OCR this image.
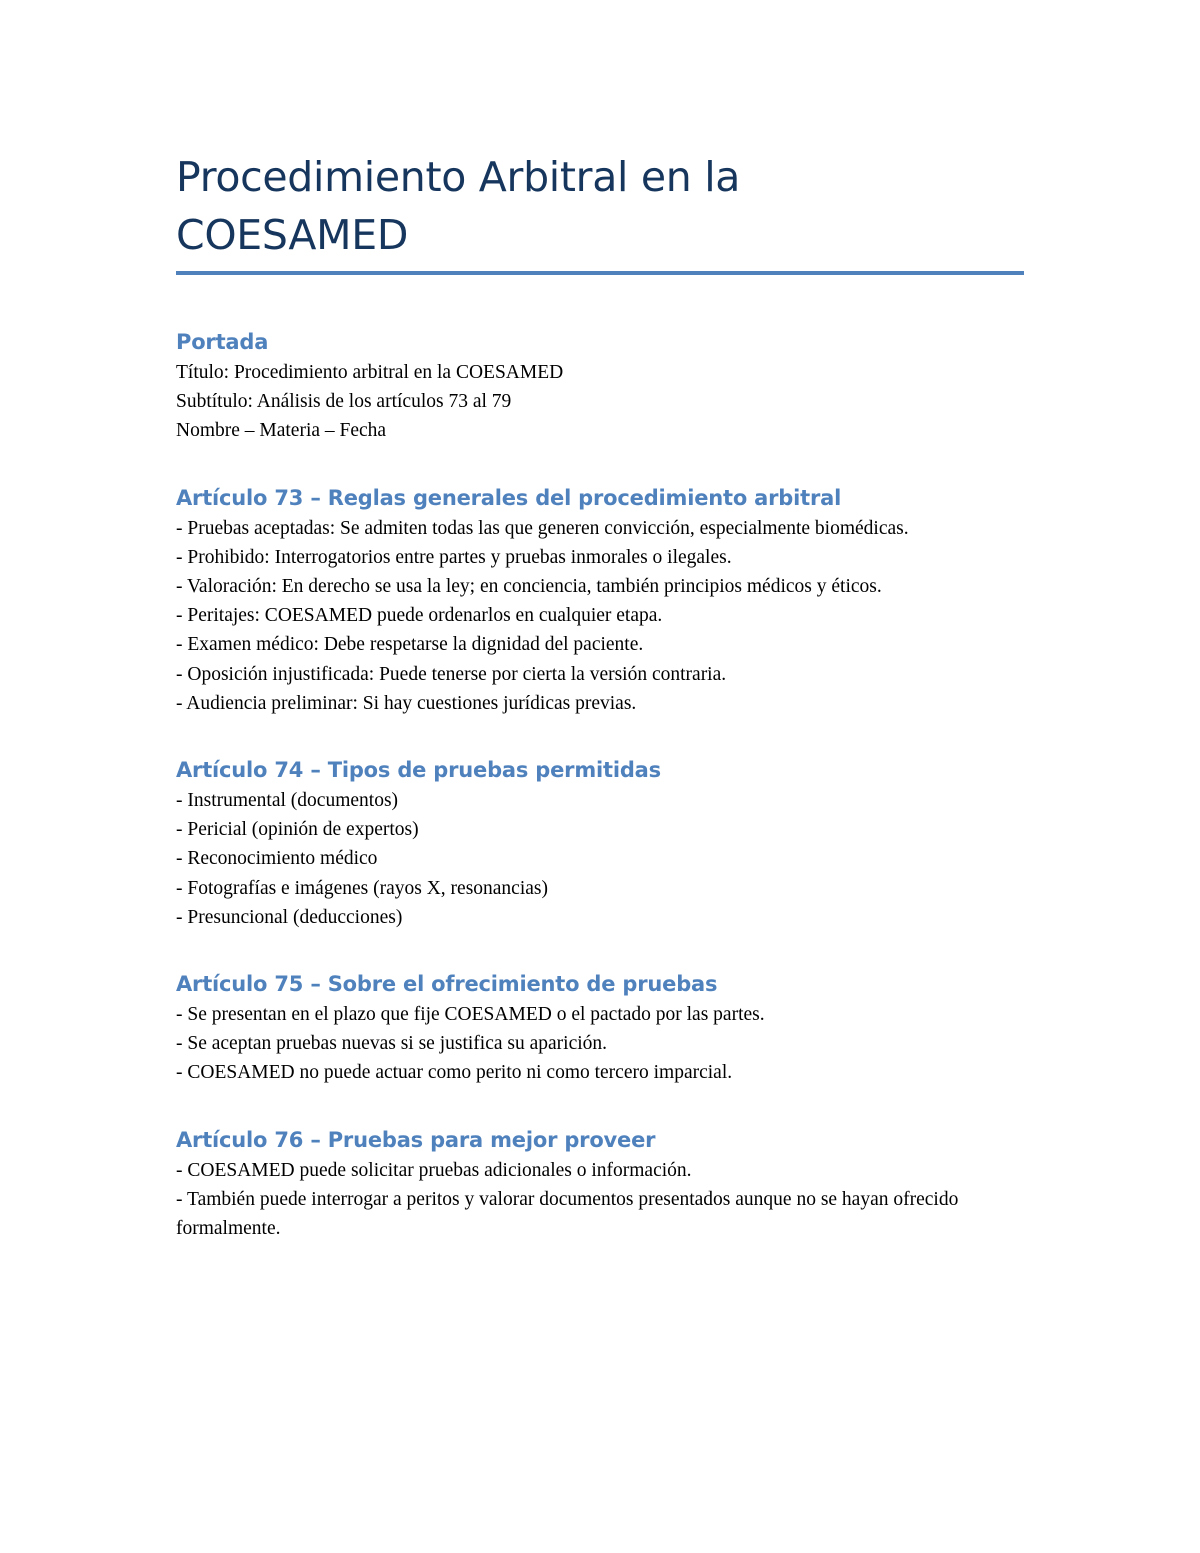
Procedimiento Arbitral en la
COESAMED
Portada

Título: Procedimiento arbitral en la COESAMED

Subtítulo: Análisis de los artículos 73 al 79

Nombre – Materia – Fecha

Artículo 73 – Reglas generales del procedimiento arbitral

- Pruebas aceptadas: Se admiten todas las que generen convicción, especialmente biomédicas.

- Prohibido: Interrogatorios entre partes y pruebas inmorales o ilegales.

- Valoración: En derecho se usa la ley; en conciencia, también principios médicos y éticos.

- Peritajes: COESAMED puede ordenarlos en cualquier etapa.

- Examen médico: Debe respetarse la dignidad del paciente.

- Oposición injustificada: Puede tenerse por cierta la versión contraria.

- Audiencia preliminar: Si hay cuestiones jurídicas previas.

Artículo 74 – Tipos de pruebas permitidas

- Instrumental (documentos)

- Pericial (opinión de expertos)

- Reconocimiento médico

- Fotografías e imágenes (rayos X, resonancias)

- Presuncional (deducciones)

Artículo 75 – Sobre el ofrecimiento de pruebas

- Se presentan en el plazo que fije COESAMED o el pactado por las partes.

- Se aceptan pruebas nuevas si se justifica su aparición.

- COESAMED no puede actuar como perito ni como tercero imparcial.

Artículo 76 – Pruebas para mejor proveer

- COESAMED puede solicitar pruebas adicionales o información.

- También puede interrogar a peritos y valorar documentos presentados aunque no se hayan ofrecido formalmente.
